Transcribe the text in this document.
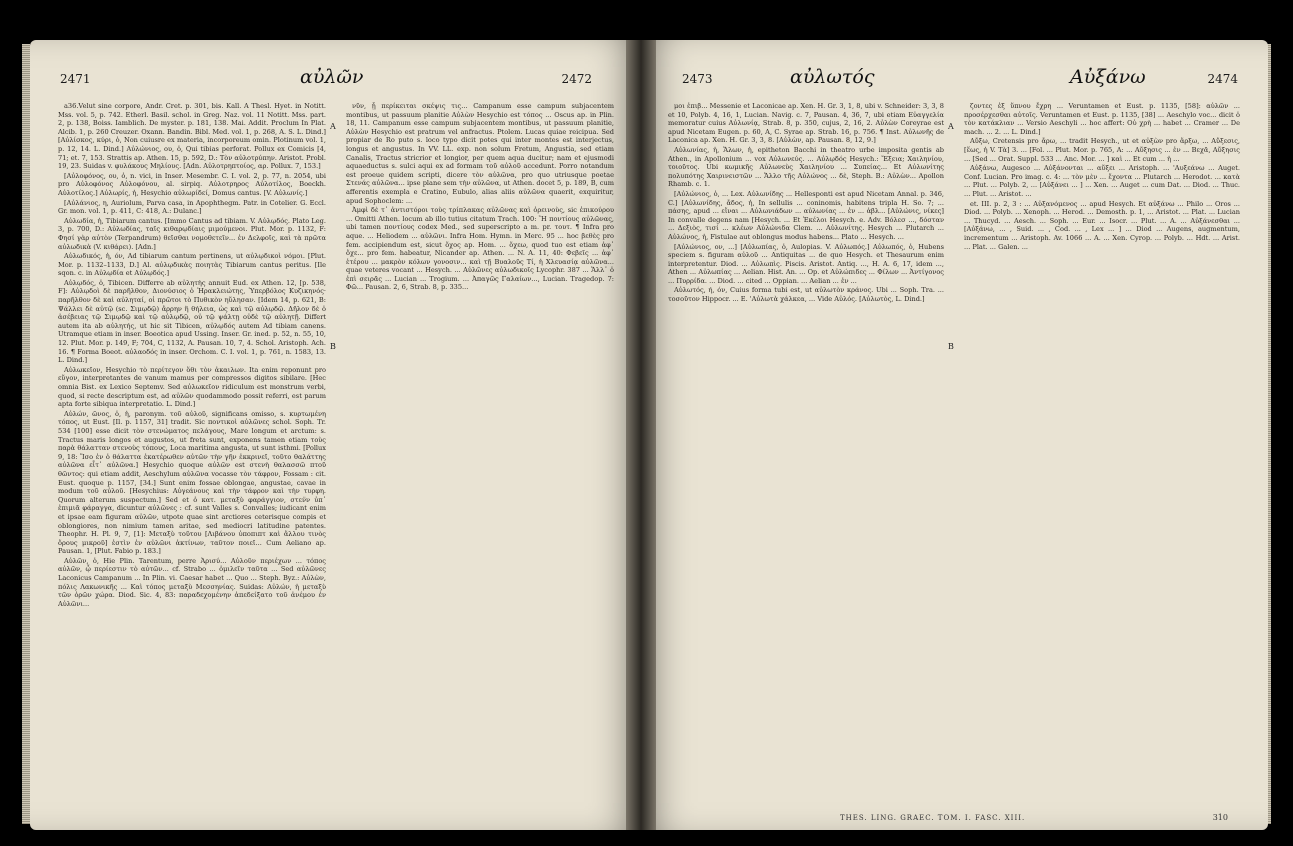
2471	αὐλῶν	2472

a36.Velut sine corpore, Andr. Cret. p. 301, bis. Kall. A Thesl. Hyet. in Notitt. Mss. vol. 5, p. 742. Etherl. Basil. schol. in Greg. Naz. vol. 11 Notitt. Mss. part. 2, p. 138, Boiss. Iamblich. De myster. p. 181, 138. Mai. Addit. Proclum In Plat. Alcib. 1, p. 260 Creuzer. Oxann. Bandin. Bibl. Med. vol. 1, p. 268, A. S. L. Dind.] [Αὐλίσκος, κύρι, ὁ, Non cuiusre ex materia, incorporeum omin. Plotinum vol. 1, p. 12, 14. L. Dind.] Αὐλώνιος, ου, ὁ, Qui tibias perforat. Pollux ex Comicis [4, 71; et. 7, 153. Strattis ap. Athen. 15, p. 592, D.: Τὸν αὐλοτρύπην. Aristot. Probl. 19, 23. Suidas v. φυλάκους Μηλίους. [Adn. Αὐλοτρηπτοίος, αρ. Pollux. 7, 153.]

[Αὐλοφόνος, ου, ὁ, n. vici, in Inser. Mesembr. C. I. vol. 2, p. 77, n. 2054, ubi pro Αὐλοφόνος Αὐλοφόνου, al. sirpiq. Αὐλοτρηρος Αὐλοτίλος, Boeckh. Αὐλοτίλος.] Αὐλωρίς, ἡ, Hesychio αὐλωρίδεί, Domus cantus. [V. Αὐλωνίς.]

[Αὐλάνιος, η, Auriolum, Parva casa, in Apophthegm. Patr. in Cotelier. G. Eccl. Gr. mon. vol. 1, p. 411, C: 418, A.: Dulanc.]

Αὐλωδία, ἡ, Tibiarum cantus. [Immo Cantus ad tibiam. V. Αὐλῳδός. Plato Leg. 3, p. 700, D.: Αὐλωδίας, ταῖς κιθαρῳδίαις μιμούμενοι. Plut. Mor. p. 1132, F: Φησί γὰρ αὐτὸν (Terpandrum) θεῖσθαι νομοθετεῖν... ἐν Δελφοῖς, καὶ τὰ πρῶτα αὐλωδικὰ (V. κιθάρει). [Adn.]

Αὐλωδικός, ἡ, όν, Ad tibiarum cantum pertinens, ut αὐλῳδικοὶ νόμοι. [Plut. Mor. p. 1132–1133, D.] Al. αὐλῳδικὰς ποιητὰς Tibiarum cantus peritus. [Ile sqon. c. in Αὐλῳδία et Αὐλῳδός.]

Αὐλῳδός, ὁ, Tibicen. Differre ab αὐλητὴς annuit Eud. ex Athen. 12, [p. 538, F]: Αὐλῳδοὶ δὲ παρῆλθον, Διονύσιος ὁ Ἡρακλειώτης, Ὑπερβόλος Κυζικηνός· παρῆλθον δὲ καὶ αὐληταί, οἱ πρῶτοι τὸ Πυθικὸν ηὔλησαν. [Idem 14, p. 621, B: Ψάλλει δὲ αὐτῷ (sc. Σιμῳδῷ) ἄρρην ἢ θήλεια, ὡς καὶ τῷ αὐλῳδῷ. Δῆλον δὲ ὁ ἀσέβειας τῷ Σιμῳδῷ καὶ τῷ αὐλῳδῷ, οὐ τῷ ψάλτῃ οὐδὲ τῷ αὐλητῇ. Differt autem ita ab αὐλητής, ut hic sit Tibicen, αὐλῳδός autem Ad tibiam canens. Utramque etiam in inser. Boeotica apud Ussing. Inser. Gr. ined. p. 52, n. 55, 10, 12. Plut. Mor. p. 149, F; 704, C, 1132, A. Pausan. 10, 7, 4. Schol. Aristoph. Ach. 16. ¶ Forma Boeot. αὐλαοδός in inser. Orchom. C. I. vol. 1, p. 761, n. 1583, 13. L. Dind.]

Αὐλωκεῖον, Hesychio τὸ περίτεγον ὅθι τὸν ἀκαιλων. Ita enim reponunt pro εὔγον, interpretantes de vanum mamus per compressos digitos sibilare. [Hec omnia Bist. ex Lexico Septemv. Sed αὐλωκεῖον ridiculum est monstrum verbi, quod, si recte descriptum est, ad αὐλῶν quodammodo possit referri, est parum apta forte sibiqua interpretatio. L. Dind.]

Αὐλών, ῶνος, ὁ, ἡ, paronym. τοῦ αὐλοῦ, significans omisso, s. κυρτωμένη τόπος, ut Eust. [Il. p. 1157, 31] tradit. Sic ποντικοὶ αὐλῶνες schol. Soph. Tr. 534 [100] esse dicit τὸν στενώματος πελάγους, Mare longum et arctum: s. Tractus maris longos et augustos, ut freta sunt, exponens tamen etiam τοὺς παρὰ θάλατταν στενοὺς τόπους, Loca maritima angusta, ut sunt isthmi. [Pollux 9, 18: Ἴσο ἐν ὁ θάλαττα ἐκατέρωθεν αὐτῶν τὴν γῆν ἐκκρινεῖ, τοῦτο θαλάττης αὐλῶνα εἶτ᾽ αὐλῶνα.] Hesychio quoque αὐλῶν est στενὴ θαλασσῶ πτοῦ θῶντος: qui etiam addit, Aeschylum αὐλῶνα vocasse τὸν τάφρον, Fossam : cit. Eust. quoque p. 1157, [34.] Sunt enim fossae oblongae, angustae, cavae in modum τοῦ αὐλοῦ. [Hesychius: Αὐγεάνους καὶ τὴν τάφρον καὶ τὴν τυρφη. Quorum alterum suspectum.] Sed et ὁ κατ. μεταξὺ φαράγγιον, στεν̈ν ὑπ᾽ ἐπιμιᾶ φάραγγα, dicuntur αὐλῶνες : cf. sunt Valles s. Convalles; iudicant enim et ipsae eam figuram αὐλῶν, utpote quae sint arctiores ceterisque compis et oblongiores, non nimium tamen aritae, sed mediocri latitudine patentes. Theophr. H. Pl. 9, 7, [1]: Μεταξὺ τοῦτου [Λιβάνου ὑποπιπτ καὶ ἄλλου τινὸς ὄρους μικροῦ] ἐστὶν ἐν αὐλῶνι ἀκτίνων, ταῦτον ποιεῖ... Cum Aeliano ap. Pausan. 1, [Plut. Fabio p. 183.]

Αὐλῶν, ὁ, Hie Plin. Tarentum, perre Ἀρισύ... Αὐλοῦν περιέχων ... τόπος αὐλῶν, ᾧ περίεστιν τὸ αὐτῶν... cf. Strabo ... ὁμιλεῖν ταῦτα ... Sed αὐλῶνες Laconicus Campanum ... In Plin. vi. Caesar habet ... Quo ... Steph. Byz.: Αὐλὼν, πόλις Λακωνικῆς ... Καὶ τόπος μεταξὺ Μεσσηνίας. Suidas: Αὐλών, ἡ μεταξὺ τῶν ὀρῶν χώρα. Diod. Sic. 4, 83: παραδεχομένην ἀπεδείξατο τοῦ ἀνέμου ἐν Αὐλῶνι...

A
B

νῦν, ᾗ περίκειται σκέψις τις... Campanum esse campum subjacentem montibus, ut passuum planitie Αὐλὼν Hesychio est τόπος ... Oscus ap. in Plin. 18, 11. Campanum esse campum subjacentem montibus, ut passuum planitie, Αὐλὼν Hesychio est pratrum vel anfractus. Ptolem. Lucas quiae reicipua. Sed propiar de Ro puto s. loco typo dicit potes qui inter montes est interjectus, longus et angustus. In VV. LL. exp. non solum Fretum, Angustia, sed etiam Canalis, Tractus stricrior et longior, per quem aqua ducitur; nam et ejusmodi aquaeductus s. sulci aqui ex ad formam τοῦ αὐλοῦ accedunt. Porro notandum est proeue quidem scripti, dicere τὸν αὐλῶνα, pro quo utriusque poetae Στενάς αὐλῶνα... ipse plane sem τὴν αὐλῶνα, ut Athen. docet 5, p. 189, B, cum afferentis exempla e Cratino, Eubulo, alias aliis αὐλῶνα quaerit, exquiritur, apud Sophoclem: ...

Ἀμφὶ δὲ τ᾽ ἀντιστόροι τοὺς τρίπλακας αὐλῶνας καὶ ὀρεινοὺς, sic ἐπικούρου ... Omitti Athen. locum ab illo tutius citatum Trach. 100: Ἢ ποντίους αὐλῶνας, ubi tamen ποντίους codex Med., sed superscripto a m. pr. τουτ. ¶ Infra pro aque. ... Heliodem ... αὐλῶνι. Infra Hom. Hymn. in Merc. 95 ... hoc βεθὲς pro fem. accipiendum est, sicut ὄχος ap. Hom. ... ὄχεω, quod tuo est etiam ἀφ᾽ ὄχε... pro fem. habeatur, Nicander ap. Athen. ... N. A. 11, 40: Φεβεῖς ... ἀφ᾽ ἑτέρου ... μακρὸν κόλων γονοσιν... καὶ τῇ Βυαλοῦς Τί, ἡ Χλευασίᾳ αὐλῶνα... quae veteres vocant ... Hesych. ... Αὐλῶνες αὐλωδικοῖς Lycophr. 387 ... Ἄλλ᾽ ὁ ἐπὶ σειρᾶς ... Lucian ... Trogium. ... Ἀπαγῶς Γαλαίων..., Lucian. Tragedop. 7: Φῶ... Pausan. 2, 6, Strab. 8, p. 335...

2473	αὐλωτός	Αὐξάνω	2474

μοι ἐπιβ... Messenie et Laconicae ap. Xen. H. Gr. 3, 1, 8, ubi v. Schneider: 3, 3, 8 et 10, Polyb. 4, 16, 1, Lucian. Navig. c. 7, Pausan. 4, 36, 7, ubi etiam Εὐαγγελία memoratur cuius Αὐλωνίᾳ, Strab. 8, p. 350, cujus, 2, 16, 2. Αὐλὼν Coreyrae est apud Nicetam Eugen. p. 60, A, C. Syrae ap. Strab. 16, p. 756. ¶ Inst. Αὐλωνῆς de Laconica ap. Xen. H. Gr. 3, 3, 8. [Αὐλὼν, ap. Pausan. 8, 12, 9.]

Αὐλωνίας, ἡ, Ἄλων, ἡ, epitheton Bacchi in theatro urbe imposita gentis ab Athen., in Apollonium ... vox Αὐλωνεύς. ... Αὐλῳδός Hesych.: Ἔξεια; Χαιληνίου, τοιοῦτος. Ubi κωμικῆς Αὐλωνεὺς Χαιληνίου ... Συπείας... Et Αὐλωνίτης πολυπότης Χαιρινειστῶν ... Ἄλλο τῆς Αὐλώνος ... δὲ, Steph. B.: Αὐλὼν... Apollon Rhamb. c. 1.

[Αὐλώνιος, ὁ, ... Lex. Αὐλωνίδης ... Hellesponti est apud Nicetam Annal. p. 346, C.] [Αὐλωνίδης, ἄδος, ἡ, In sellulis ... coninomis, habitens tripla H. So. 7; ... πάσης, apud ... εἴναι ... Αὐλωνιάδων ... αὐλωνίας ... ἐν ... ἀβλ... [Αὐλώνις, νίκες] In convalle degens nam [Hesych. ... Et Ἐκέλοι Hesych. e. Adv. Βόλεσ ..., δόσταν ... Δεξιὸς, τισί ... κλέων Αὐλώνιδα Clem. ... Αὐλωνίτης. Hesych ... Plutarch ... Αὐλώνος, ἡ, Fistulae aut oblongus modus habens... Plato ... Hesych. ...

[Αὐλώνιος, ον, ...] [Αὐλωπίας, ὁ, Aulopias. V. Αὐλωπός.] Αὐλωπός, ὁ, Hubens speciem s. figuram αὐλοῦ ... Antiquitas ... de quo Hesych. et Thesaurum enim interpretentur. Diod. ... Αὐλωπὶς. Piscis. Aristot. Antiq. ..., H. A. 6, 17, idem ..., Athen ... Αὐλωπίας ... Aelian. Hist. An. ... Op. et Αὐλώπιδες ... Φίλων ... Ἀντίγονος ... Πυρρίδα. ... Diod. ... cited ... Oppian. ... Aelian ... ἐν ...

Αὐλωτός, ή, όν, Cuius forma tubi est, ut αὐλωτὸν κράνος. Ubi ... Soph. Tra. ... τοσοῦτον Hippocr. ... E. 'Αὐλωτὰ χάλκεα, ... Vide Αὐλός. [Αὐλωτὸς, L. Dind.]

A
B

ζοντες ἐξ ὕπνου ἔχρη ... Veruntamen et Eust. p. 1135, [58]: αὐλῶν ... προσέρχεσθαι αὐτοῖς. Veruntamen et Eust. p. 1135, [38] ... Aeschylo voc... dicit ὁ τὸν κατάκλιαν ... Versio Aeschyli ... hoc affert: Οὐ χρὴ ... habet ... Cramer ... De mach. ... 2. ... L. Dind.]

Αὔξω, Cretensis pro ἄρω, ... tradit Hesych., ut et αὐξὼν pro ἄρξω, ... Αὔξεσις, [ἕως, ἡ V. Τὰ] 3. ... [Fol. ... Plut. Mor. p. 765, A: ... Αὔξησις ... ἐν ... Βεχᾶ, Αὔξησις ... [Sed ... Orat. Suppl. 533 ... Anc. Mor. ... ] καὶ ... Et cum ... ἡ ...

Αὐξάνω, Augesco ... Αὐξάνονται ... αὔξει ... Aristoph. ... 'Αυξεάνω ... Auget. Conf. Lucian. Pro imag. c. 4: ... τὸν μὲν ... ἔχοντα ... Plutarch ... Herodot. ... κατὰ ... Plut. ... Polyb. 2, ... [Αὐξάνει ... ] ... Xen. ... Auget ... cum Dat. ... Diod. ... Thuc. ... Plut. ... Aristot. ...

et. III. p. 2, 3 : ... Αὐξανόμενος ... apud Hesych. Et αὐξάνω ... Philo ... Oros ... Diod. ... Polyb. ... Xenoph. ... Herod. ... Demosth. p. 1, ... Aristot. ... Plat. ... Lucian ... Thucyd. ... Aesch. ... Soph. ... Eur. ... Isocr. ... Plut. ... A. ... Αὐξάνεσθαι ... [Αὐξάνω, ... , Suid. ... , Cod. ... , Lex ... ] ... Diod ... Augens, augmentum, incrementum ... Aristoph. Av. 1066 ... A. ... Xen. Cyrop. ... Polyb. ... Hdt. ... Arist. ... Plat. ... Galen. ...

THES. LING. GRAEC. TOM. I. FASC. XIII.	310
